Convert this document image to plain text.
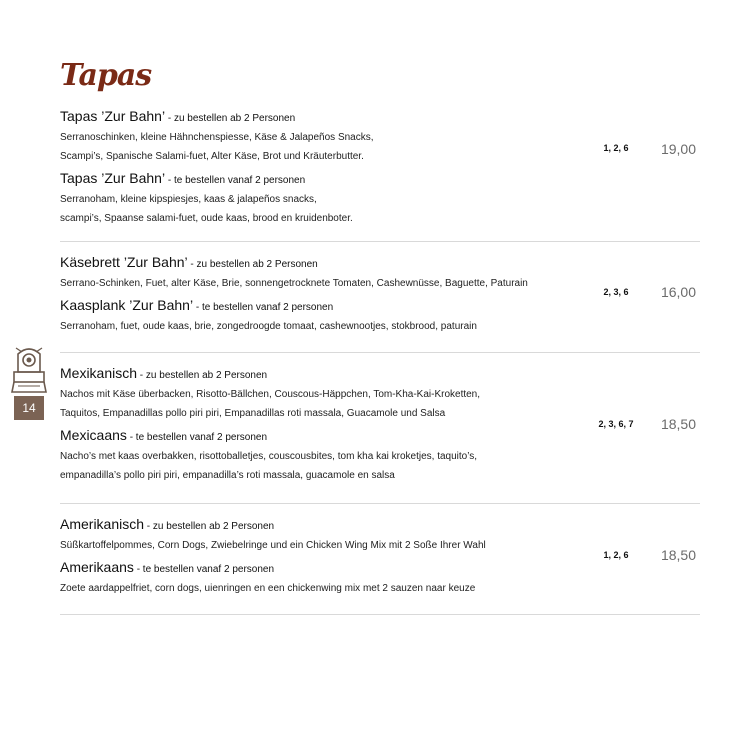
Tapas
14
Tapas ’Zur Bahn’ - zu bestellen ab 2 Personen
Serranoschinken, kleine Hähnchenspiesse, Käse & Jalapeños Snacks,
Scampi’s, Spanische Salami-fuet, Alter Käse, Brot und Kräuterbutter.
Tapas ’Zur Bahn’ - te bestellen vanaf 2 personen
Serranoham, kleine kipspiesjes, kaas & jalapeños snacks,
scampi’s, Spaanse salami-fuet, oude kaas, brood en kruidenboter.
1, 2, 6	19,00
Käsebrett ’Zur Bahn’ - zu bestellen ab 2 Personen
Serrano-Schinken, Fuet, alter Käse, Brie, sonnengetrocknete Tomaten, Cashewnüsse, Baguette, Paturain
Kaasplank ’Zur Bahn’ - te bestellen vanaf 2 personen
Serranoham, fuet, oude kaas, brie, zongedroogde tomaat, cashewnootjes, stokbrood, paturain
2, 3, 6	16,00
Mexikanisch - zu bestellen ab 2 Personen
Nachos mit Käse überbacken, Risotto-Bällchen, Couscous-Häppchen, Tom-Kha-Kai-Kroketten,
Taquitos, Empanadillas pollo piri piri, Empanadillas roti massala, Guacamole und Salsa
Mexicaans - te bestellen vanaf 2 personen
Nacho’s met kaas overbakken, risottoballetjes, couscousbites, tom kha kai kroketjes, taquito’s,
empanadilla’s pollo piri piri, empanadilla’s roti massala, guacamole en salsa
2, 3, 6, 7	18,50
Amerikanisch - zu bestellen ab 2 Personen
Süßkartoffelpommes, Corn Dogs, Zwiebelringe und ein Chicken Wing Mix mit 2 Soße Ihrer Wahl
Amerikaans - te bestellen vanaf 2 personen
Zoete aardappelfriet, corn dogs, uienringen en een chickenwing mix met 2 sauzen naar keuze
1, 2, 6	18,50
